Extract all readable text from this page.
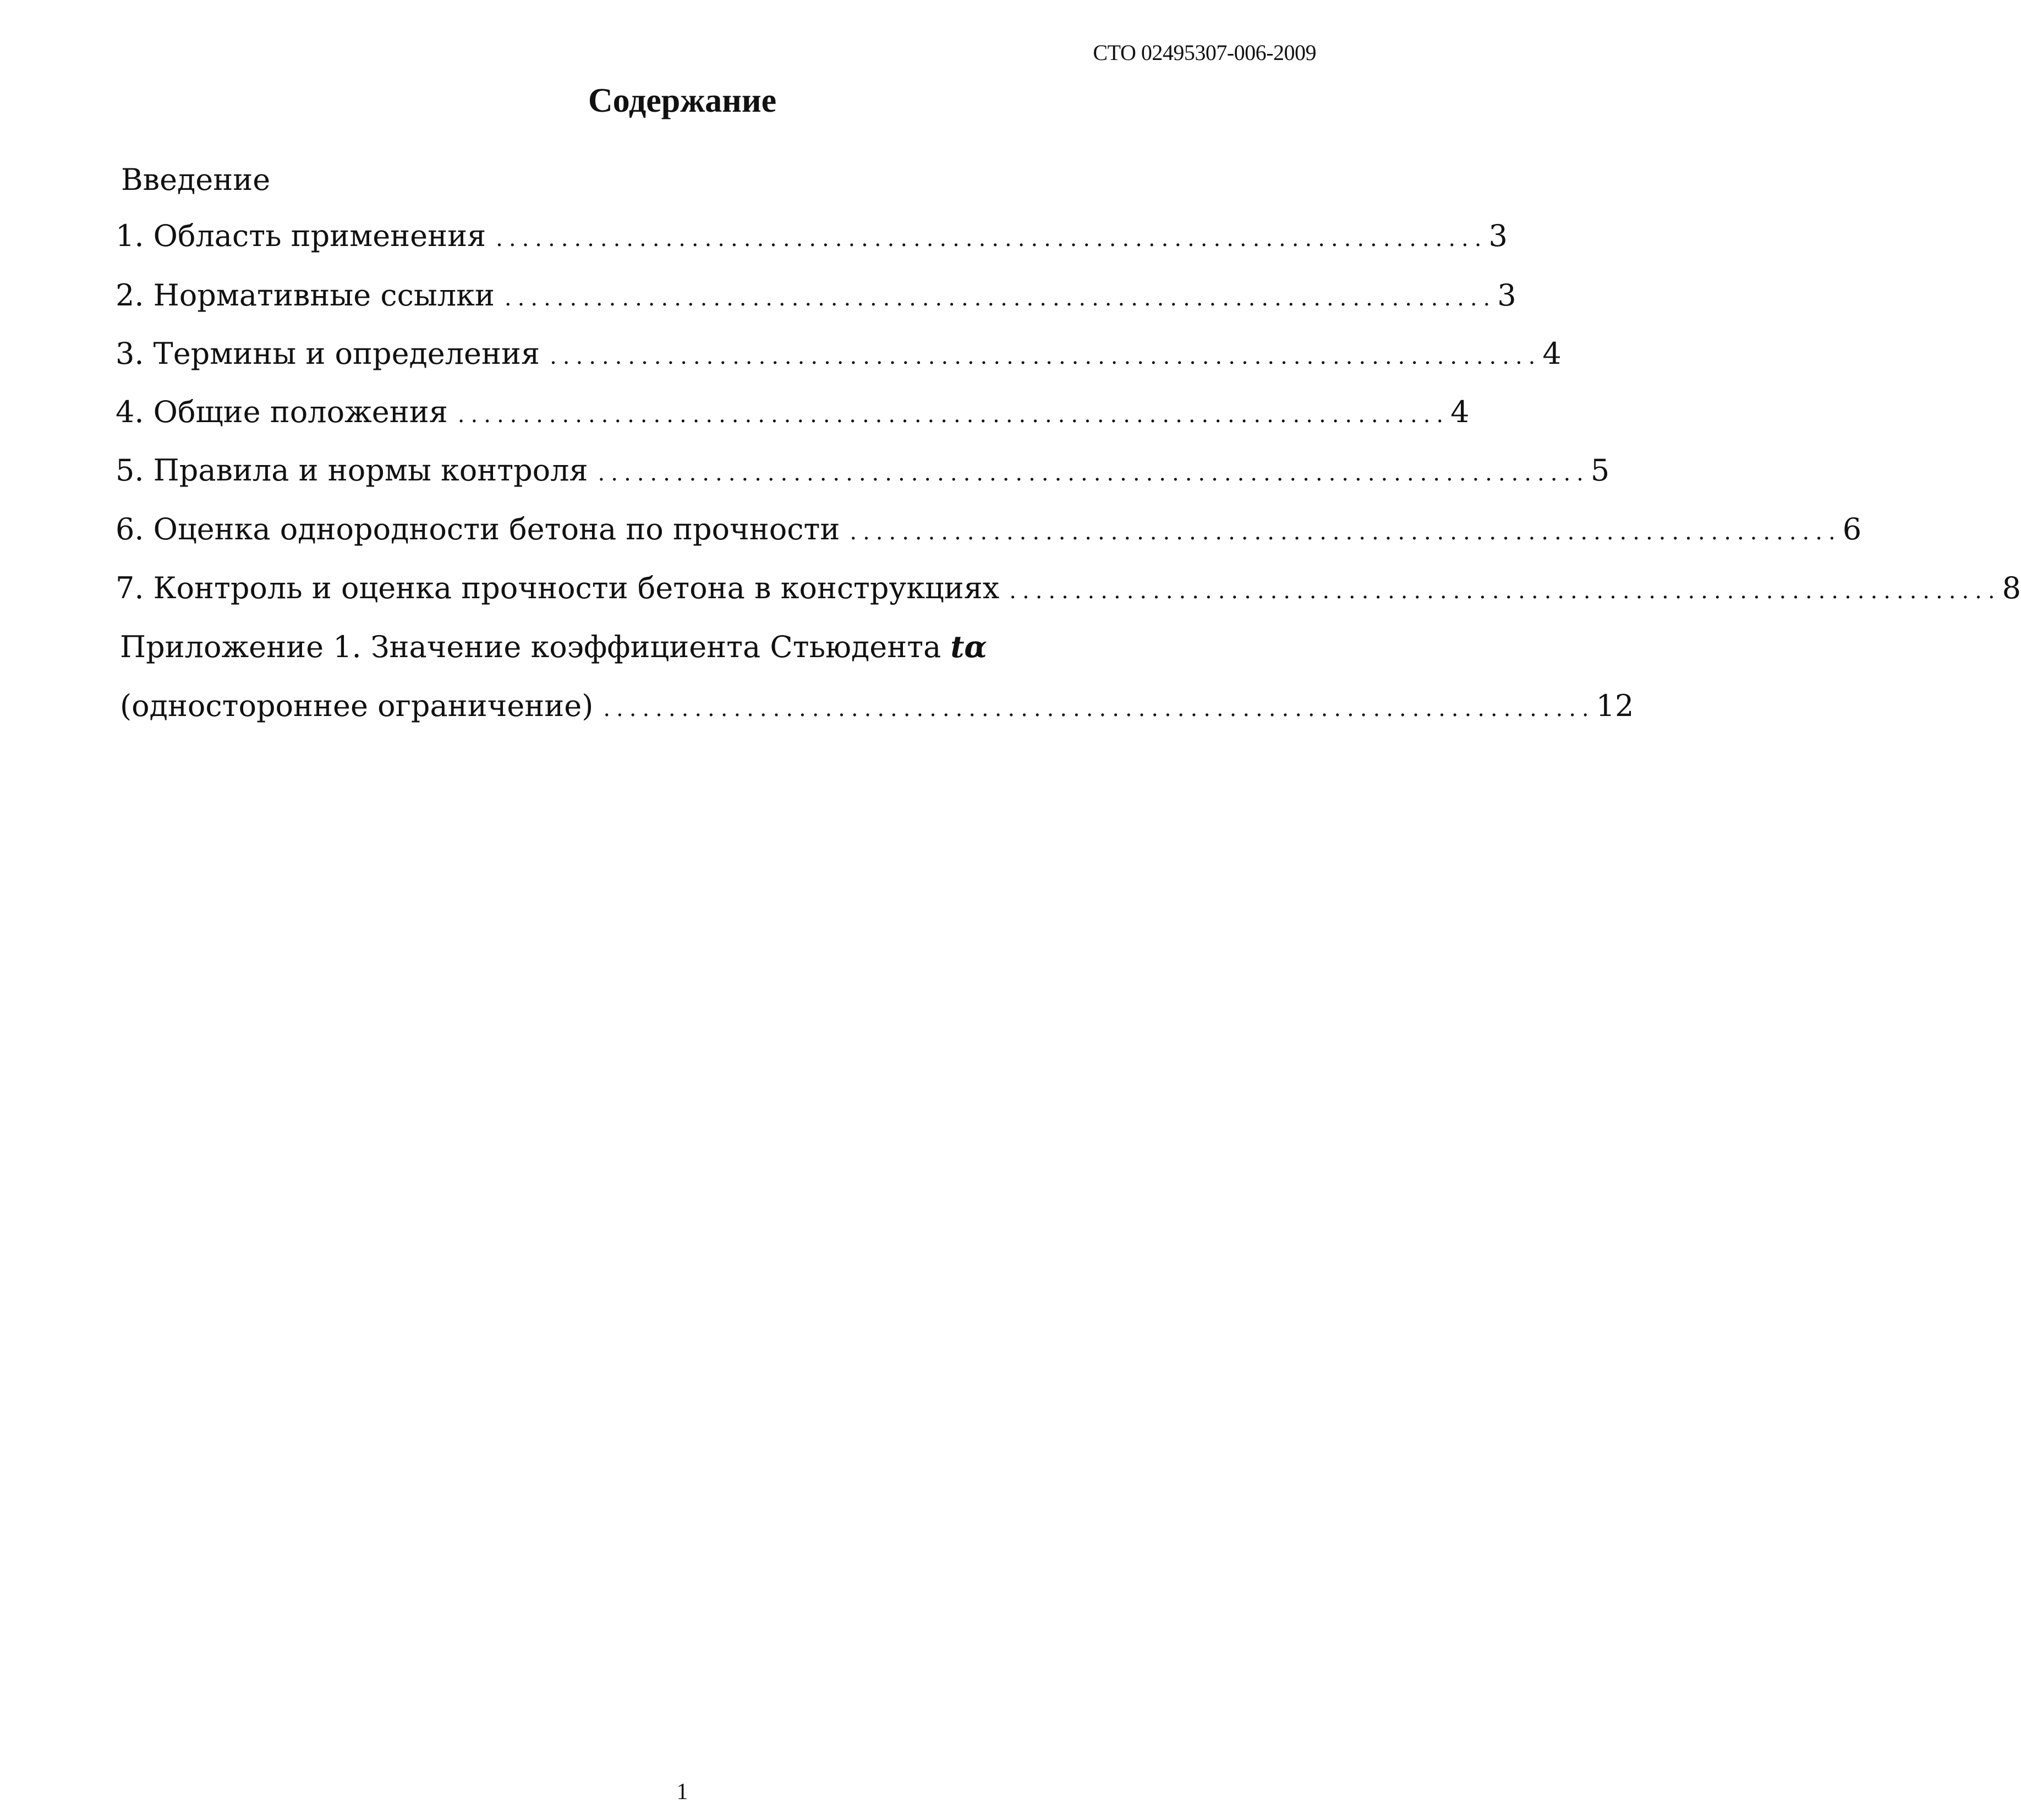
СТО 02495307-006-2009
Содержание
Введение
1. Область применения ............................................................................ 3
2. Нормативные ссылки ............................................................................ 3
3. Термины и определения ............................................................................ 4
4. Общие положения ............................................................................ 4
5. Правила и нормы контроля ............................................................................ 5
6. Оценка однородности бетона по прочности ............................................................................ 6
7. Контроль и оценка прочности бетона в конструкциях ............................................................................ 8
Приложение 1. Значение коэффициента Стьюдента tα
(одностороннее ограничение) ............................................................................ 12
1
